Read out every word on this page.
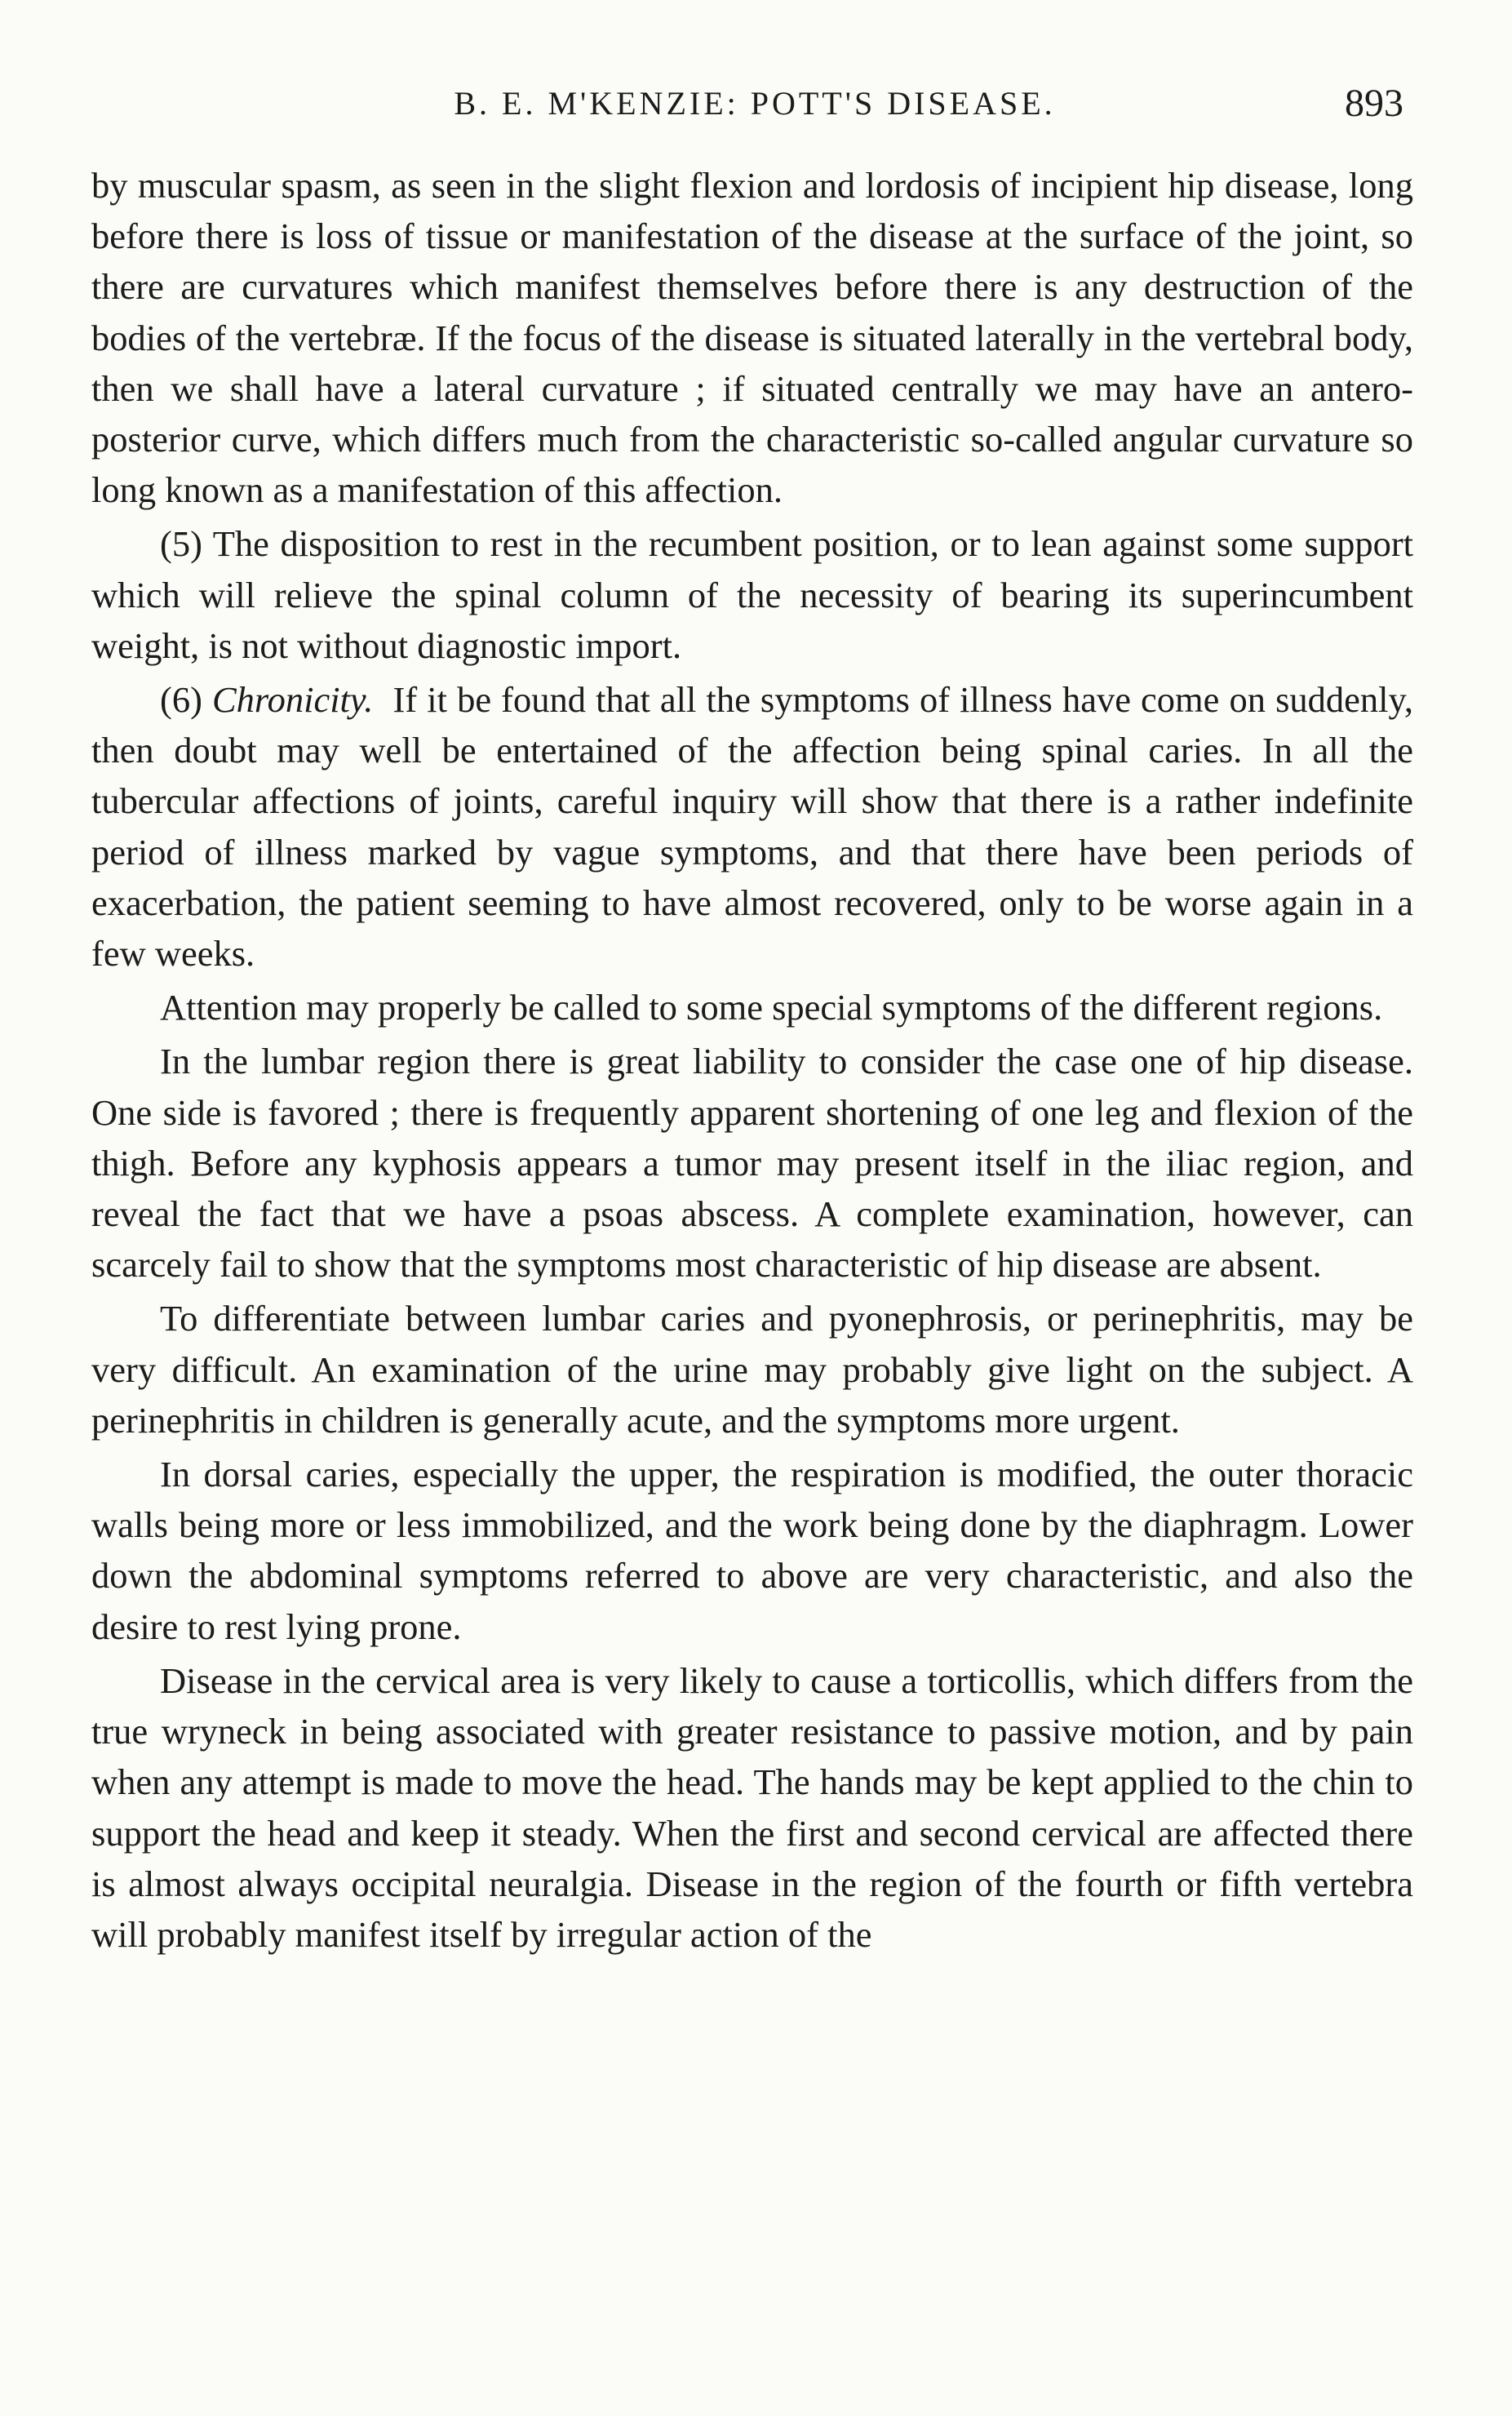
B. E. M'KENZIE: POTT'S DISEASE.	893

by muscular spasm, as seen in the slight flexion and lordosis of incipient hip disease, long before there is loss of tissue or manifestation of the disease at the surface of the joint, so there are curvatures which manifest themselves before there is any destruction of the bodies of the vertebræ. If the focus of the disease is situated laterally in the vertebral body, then we shall have a lateral curvature ; if situated centrally we may have an antero-posterior curve, which differs much from the characteristic so-called angular curvature so long known as a manifestation of this affection.

(5) The disposition to rest in the recumbent position, or to lean against some support which will relieve the spinal column of the necessity of bearing its superincumbent weight, is not without diagnostic import.

(6) Chronicity. If it be found that all the symptoms of illness have come on suddenly, then doubt may well be entertained of the affection being spinal caries. In all the tubercular affections of joints, careful inquiry will show that there is a rather indefinite period of illness marked by vague symptoms, and that there have been periods of exacerbation, the patient seeming to have almost recovered, only to be worse again in a few weeks.

Attention may properly be called to some special symptoms of the different regions.

In the lumbar region there is great liability to consider the case one of hip disease. One side is favored ; there is frequently apparent shortening of one leg and flexion of the thigh. Before any kyphosis appears a tumor may present itself in the iliac region, and reveal the fact that we have a psoas abscess. A complete examination, however, can scarcely fail to show that the symptoms most characteristic of hip disease are absent.

To differentiate between lumbar caries and pyonephrosis, or perinephritis, may be very difficult. An examination of the urine may probably give light on the subject. A perinephritis in children is generally acute, and the symptoms more urgent.

In dorsal caries, especially the upper, the respiration is modified, the outer thoracic walls being more or less immobilized, and the work being done by the diaphragm. Lower down the abdominal symptoms referred to above are very characteristic, and also the desire to rest lying prone.

Disease in the cervical area is very likely to cause a torticollis, which differs from the true wryneck in being associated with greater resistance to passive motion, and by pain when any attempt is made to move the head. The hands may be kept applied to the chin to support the head and keep it steady. When the first and second cervical are affected there is almost always occipital neuralgia. Disease in the region of the fourth or fifth vertebra will probably manifest itself by irregular action of the
